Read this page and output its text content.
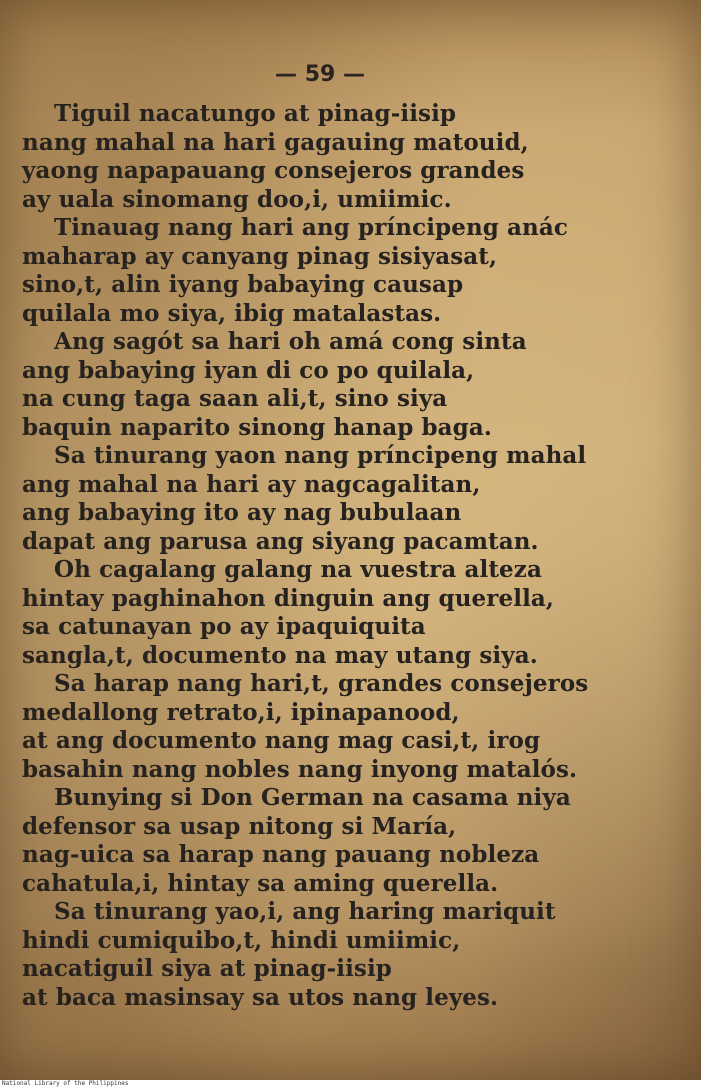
— 59 —
Tiguil nacatungo at pinag-iisip
nang mahal na hari gagauing matouid,
yaong napapauang consejeros grandes
ay uala sinomang doo,i, umiimic.
Tinauag nang hari ang príncipeng anác
maharap ay canyang pinag sisiyasat,
sino,t, alin iyang babaying causap
quilala mo siya, ibig matalastas.
Ang sagót sa hari oh amá cong sinta
ang babaying iyan di co po quilala,
na cung taga saan ali,t, sino siya
baquin naparito sinong hanap baga.
Sa tinurang yaon nang príncipeng mahal
ang mahal na hari ay nagcagalitan,
ang babaying ito ay nag bubulaan
dapat ang parusa ang siyang pacamtan.
Oh cagalang galang na vuestra alteza
hintay paghinahon dinguin ang querella,
sa catunayan po ay ipaquiquita
sangla,t, documento na may utang siya.
Sa harap nang hari,t, grandes consejeros
medallong retrato,i, ipinapanood,
at ang documento nang mag casi,t, irog
basahin nang nobles nang inyong matalós.
Bunying si Don German na casama niya
defensor sa usap nitong si María,
nag-uica sa harap nang pauang nobleza
cahatula,i, hintay sa aming querella.
Sa tinurang yao,i, ang haring mariquit
hindi cumiquibo,t, hindi umiimic,
nacatiguil siya at pinag-iisip
at baca masinsay sa utos nang leyes.
National Library of the Philippines
